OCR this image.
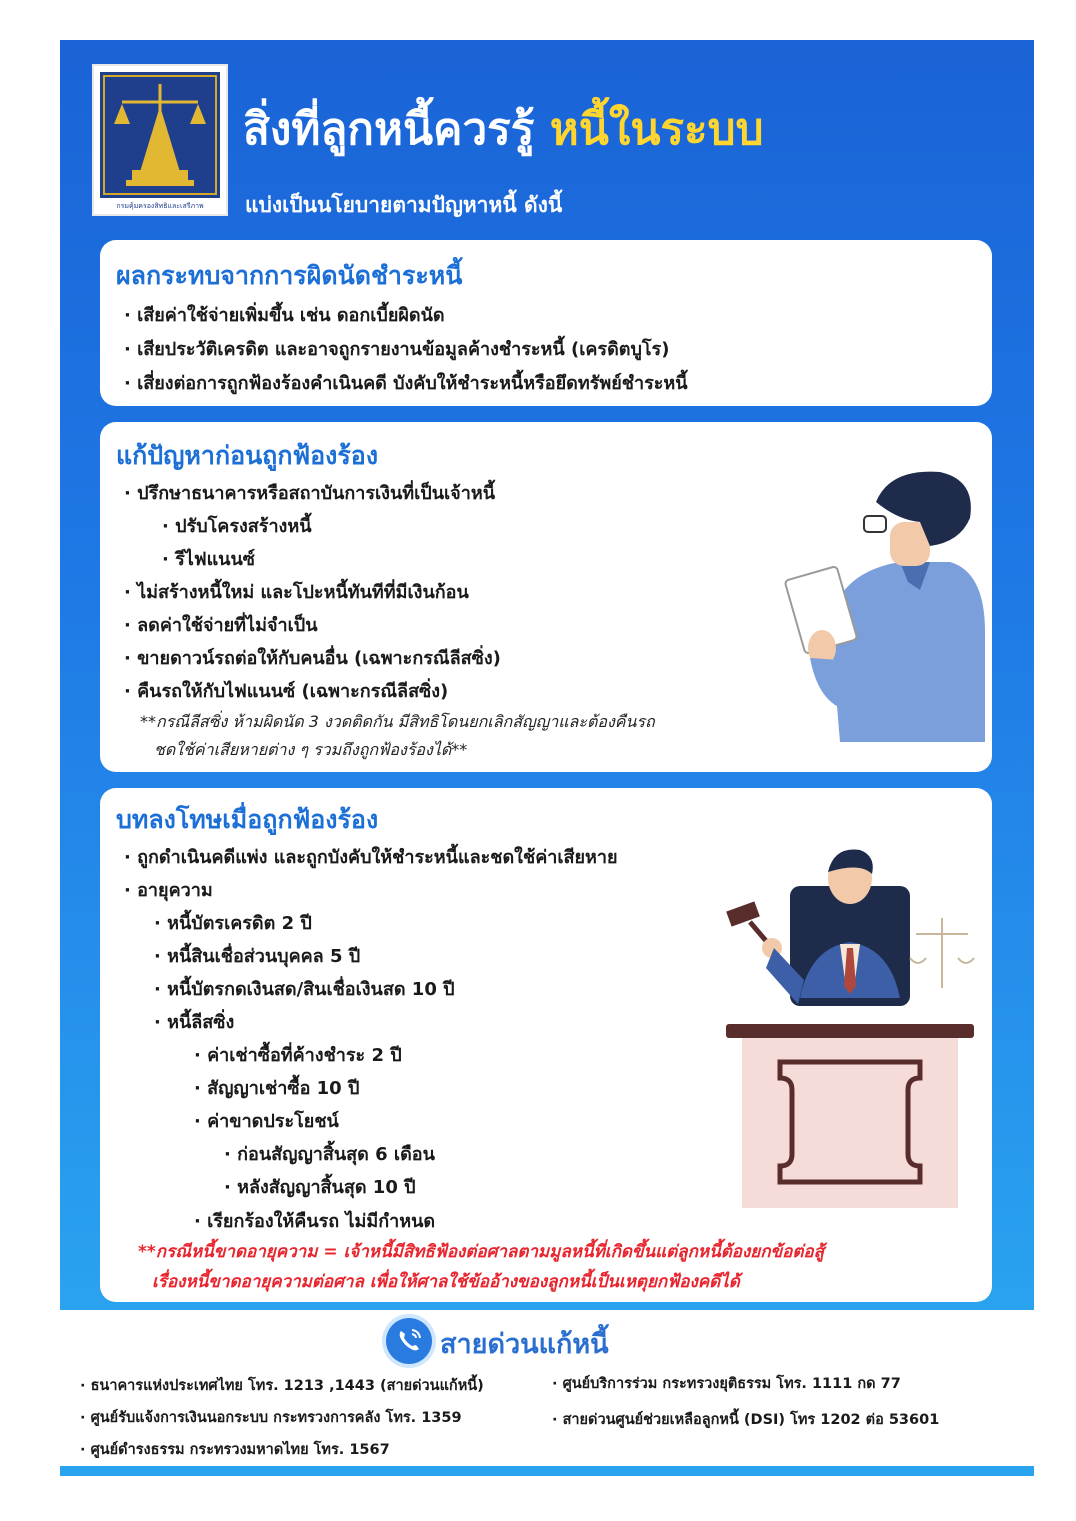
กรมคุ้มครองสิทธิและเสรีภาพ
สิ่งที่ลูกหนี้ควรรู้ หนี้ในระบบ
แบ่งเป็นนโยบายตามปัญหาหนี้ ดังนี้
ผลกระทบจากการผิดนัดชำระหนี้
· เสียค่าใช้จ่ายเพิ่มขึ้น เช่น ดอกเบี้ยผิดนัด
· เสียประวัติเครดิต และอาจถูกรายงานข้อมูลค้างชำระหนี้ (เครดิตบูโร)
· เสี่ยงต่อการถูกฟ้องร้องคำเนินคดี บังคับให้ชำระหนี้หรือยึดทรัพย์ชำระหนี้
แก้ปัญหาก่อนถูกฟ้องร้อง
· ปรึกษาธนาคารหรือสถาบันการเงินที่เป็นเจ้าหนี้
· ปรับโครงสร้างหนี้
· รีไฟแนนซ์
· ไม่สร้างหนี้ใหม่ และโปะหนี้ทันทีที่มีเงินก้อน
· ลดค่าใช้จ่ายที่ไม่จำเป็น
· ขายดาวน์รถต่อให้กับคนอื่น (เฉพาะกรณีลีสซิ่ง)
· คืนรถให้กับไฟแนนซ์ (เฉพาะกรณีลีสซิ่ง)
**กรณีลีสซิ่ง ห้ามผิดนัด 3 งวดติดกัน มีสิทธิโดนยกเลิกสัญญาและต้องคืนรถ
ชดใช้ค่าเสียหายต่าง ๆ รวมถึงถูกฟ้องร้องได้**
บทลงโทษเมื่อถูกฟ้องร้อง
· ถูกดำเนินคดีแพ่ง และถูกบังคับให้ชำระหนี้และชดใช้ค่าเสียหาย
· อายุความ
· หนี้บัตรเครดิต 2 ปี
· หนี้สินเชื่อส่วนบุคคล 5 ปี
· หนี้บัตรกดเงินสด/สินเชื่อเงินสด 10 ปี
· หนี้ลีสซิ่ง
· ค่าเช่าซื้อที่ค้างชำระ 2 ปี
· สัญญาเช่าซื้อ 10 ปี
· ค่าขาดประโยชน์
· ก่อนสัญญาสิ้นสุด 6 เดือน
· หลังสัญญาสิ้นสุด 10 ปี
· เรียกร้องให้คืนรถ ไม่มีกำหนด
**กรณีหนี้ขาดอายุความ = เจ้าหนี้มีสิทธิฟ้องต่อศาลตามมูลหนี้ที่เกิดขึ้นแต่ลูกหนี้ต้องยกข้อต่อสู้
เรื่องหนี้ขาดอายุความต่อศาล เพื่อให้ศาลใช้ข้ออ้างของลูกหนี้เป็นเหตุยกฟ้องคดีได้
สายด่วนแก้หนี้
· ธนาคารแห่งประเทศไทย โทร. 1213 ,1443 (สายด่วนแก้หนี้)
· ศูนย์รับแจ้งการเงินนอกระบบ กระทรวงการคลัง โทร. 1359
· ศูนย์ดำรงธรรม กระทรวงมหาดไทย โทร. 1567
· ศูนย์บริการร่วม กระทรวงยุติธรรม โทร. 1111 กด 77
· สายด่วนศูนย์ช่วยเหลือลูกหนี้ (DSI) โทร 1202 ต่อ 53601
